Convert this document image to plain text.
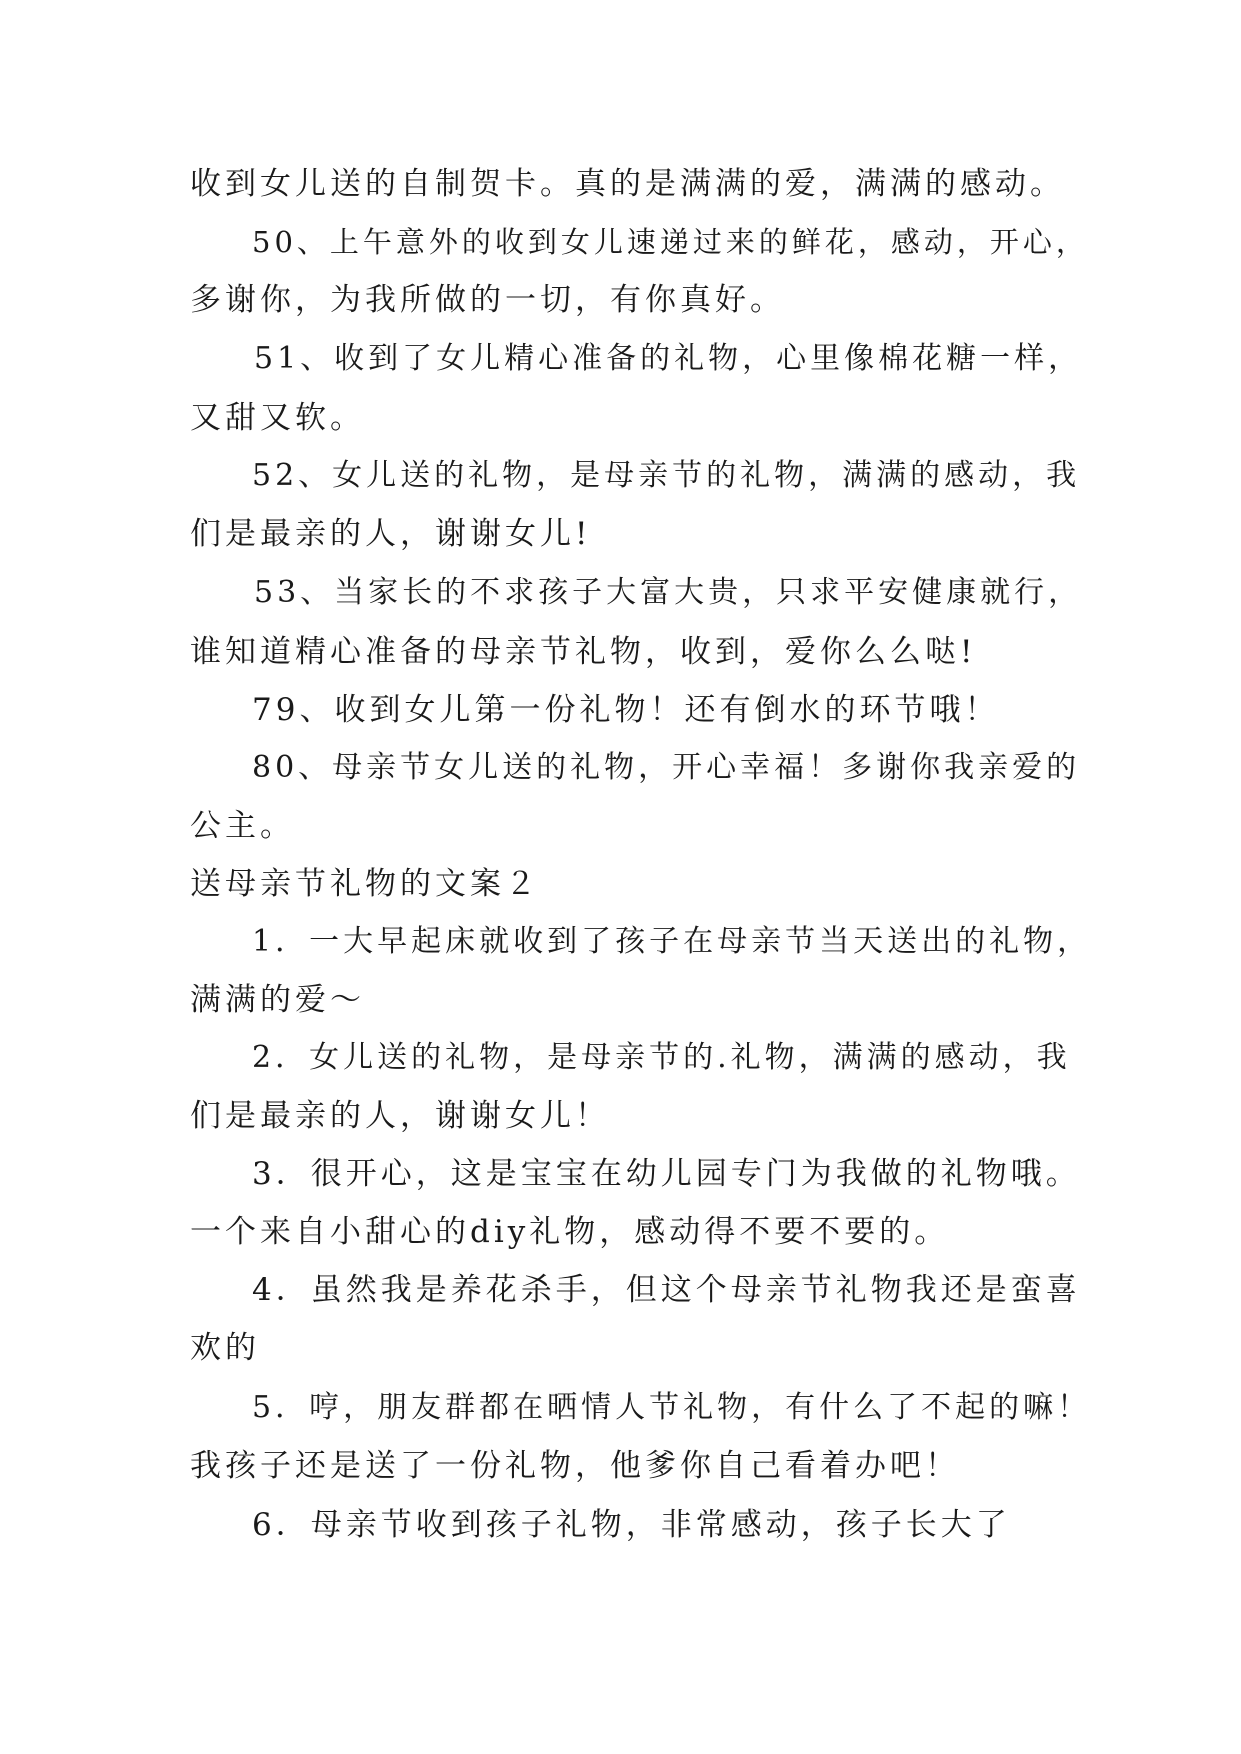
收到女儿送的自制贺卡。真的是满满的爱，满满的感动。
50、上午意外的收到女儿速递过来的鲜花，感动，开心，
多谢你，为我所做的一切，有你真好。
51、收到了女儿精心准备的礼物，心里像棉花糖一样，
又甜又软。
52、女儿送的礼物，是母亲节的礼物，满满的感动，我
们是最亲的人，谢谢女儿!
53、当家长的不求孩子大富大贵，只求平安健康就行，
谁知道精心准备的母亲节礼物，收到，爱你么么哒!
79、收到女儿第一份礼物！还有倒水的环节哦！
80、母亲节女儿送的礼物，开心幸福！多谢你我亲爱的
公主。
送母亲节礼物的文案２
1．一大早起床就收到了孩子在母亲节当天送出的礼物，
满满的爱～
2．女儿送的礼物，是母亲节的.礼物，满满的感动，我
们是最亲的人，谢谢女儿！
3．很开心，这是宝宝在幼儿园专门为我做的礼物哦。
一个来自小甜心的diy礼物，感动得不要不要的。
4．虽然我是养花杀手，但这个母亲节礼物我还是蛮喜
欢的
5．哼，朋友群都在晒情人节礼物，有什么了不起的嘛！
我孩子还是送了一份礼物，他爹你自己看着办吧！
6．母亲节收到孩子礼物，非常感动，孩子长大了
